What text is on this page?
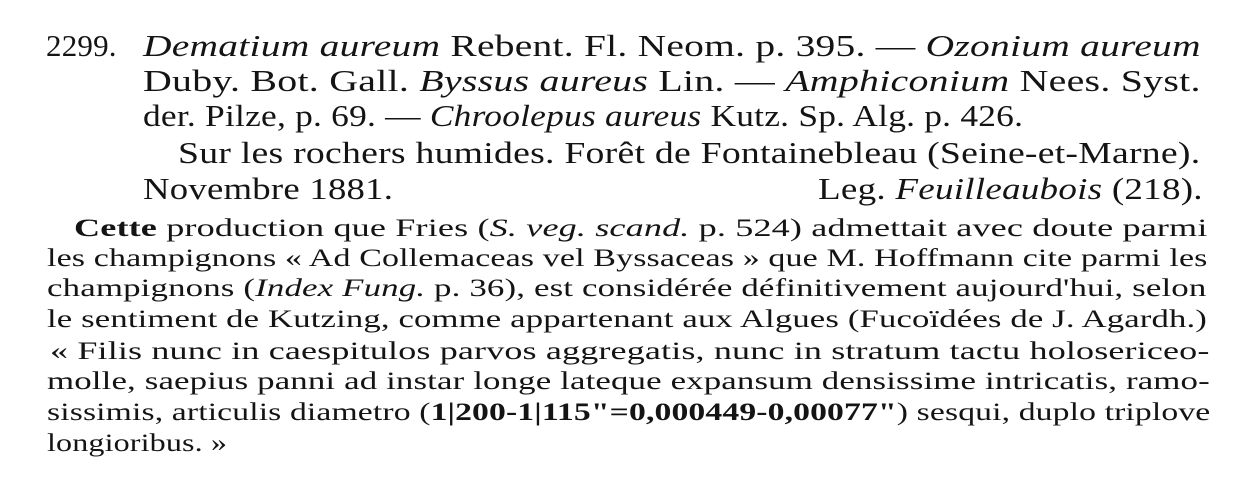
2299. Dematium aureum Rebent. Fl. Neom. p. 395. — Ozonium aureum
Duby. Bot. Gall. Byssus aureus Lin. — Amphiconium Nees. Syst.
der. Pilze, p. 69. — Chroolepus aureus Kutz. Sp. Alg. p. 426.
Sur les rochers humides. Forêt de Fontainebleau (Seine-et-Marne).
Novembre 1881.	Leg. Feuilleaubois (218).
Cette production que Fries (S. veg. scand. p. 524) admettait avec doute parmi
les champignons « Ad Collemaceas vel Byssaceas » que M. Hoffmann cite parmi les
champignons (Index Fung. p. 36), est considérée définitivement aujourd'hui, selon
le sentiment de Kutzing, comme appartenant aux Algues (Fucoïdées de J. Agardh.)
« Filis nunc in caespitulos parvos aggregatis, nunc in stratum tactu holosericeo-
molle, saepius panni ad instar longe lateque expansum densissime intricatis, ramo-
sissimis, articulis diametro (1|200-1|115"=0,000449-0,00077") sesqui, duplo triplove
longioribus. »
